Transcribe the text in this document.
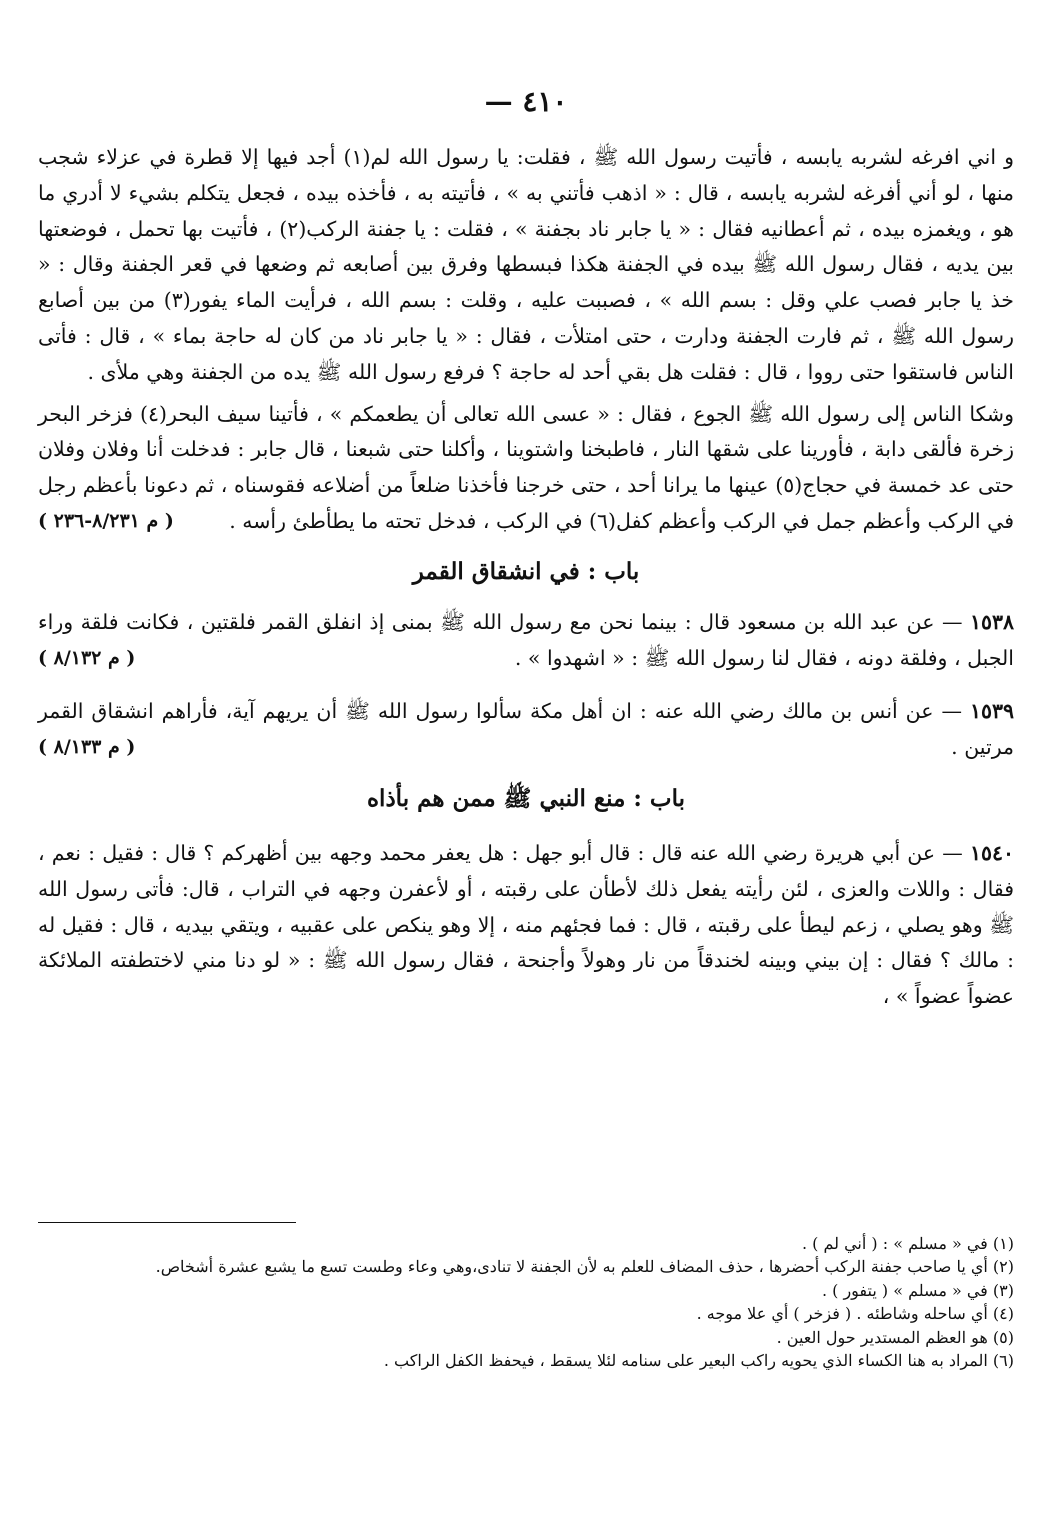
٤١٠ —

و اني افرغه لشربه يابسه ، فأتيت رسول الله ﷺ ، فقلت: يا رسول الله لم(١) أجد فيها إلا قطرة في عزلاء شجب منها ، لو أني أفرغه لشربه يابسه ، قال : « اذهب فأتني به » ، فأتيته به ، فأخذه بيده ، فجعل يتكلم بشيء لا أدري ما هو ، ويغمزه بيده ، ثم أعطانيه فقال : « يا جابر ناد بجفنة » ، فقلت : يا جفنة الركب(٢) ، فأتيت بها تحمل ، فوضعتها بين يديه ، فقال رسول الله ﷺ بيده في الجفنة هكذا فبسطها وفرق بين أصابعه ثم وضعها في قعر الجفنة وقال : « خذ يا جابر فصب علي وقل : بسم الله » ، فصببت عليه ، وقلت : بسم الله ، فرأيت الماء يفور(٣) من بين أصابع رسول الله ﷺ ، ثم فارت الجفنة ودارت ، حتى امتلأت ، فقال : « يا جابر ناد من كان له حاجة بماء » ، قال : فأتى الناس فاستقوا حتى رووا ، قال : فقلت هل بقي أحد له حاجة ؟ فرفع رسول الله ﷺ يده من الجفنة وهي ملأى .

وشكا الناس إلى رسول الله ﷺ الجوع ، فقال : « عسى الله تعالى أن يطعمكم » ، فأتينا سيف البحر(٤) فزخر البحر زخرة فألقى دابة ، فأورينا على شقها النار ، فاطبخنا واشتوينا ، وأكلنا حتى شبعنا ، قال جابر : فدخلت أنا وفلان وفلان حتى عد خمسة في حجاج(٥) عينها ما يرانا أحد ، حتى خرجنا فأخذنا ضلعاً من أضلاعه فقوسناه ، ثم دعونا بأعظم رجل في الركب وأعظم جمل في الركب وأعظم كفل(٦) في الركب ، فدخل تحته ما يطأطئ رأسه .
( م ٨/٢٣١-٢٣٦ )

باب : في انشقاق القمر

١٥٣٨ — عن عبد الله بن مسعود قال : بينما نحن مع رسول الله ﷺ بمنى إذ انفلق القمر فلقتين ، فكانت فلقة وراء الجبل ، وفلقة دونه ، فقال لنا رسول الله ﷺ : « اشهدوا » .
( م ٨/١٣٢ )

١٥٣٩ — عن أنس بن مالك رضي الله عنه : ان أهل مكة سألوا رسول الله ﷺ أن يريهم آية، فأراهم انشقاق القمر مرتين .
( م ٨/١٣٣ )

باب : منع النبي ﷺ ممن هم بأذاه

١٥٤٠ — عن أبي هريرة رضي الله عنه قال : قال أبو جهل : هل يعفر محمد وجهه بين أظهركم ؟ قال : فقيل : نعم ، فقال : واللات والعزى ، لئن رأيته يفعل ذلك لأطأن على رقبته ، أو لأعفرن وجهه في التراب ، قال: فأتى رسول الله ﷺ وهو يصلي ، زعم ليطأ على رقبته ، قال : فما فجئهم منه ، إلا وهو ينكص على عقبيه ، ويتقي بيديه ، قال : فقيل له : مالك ؟ فقال : إن بيني وبينه لخندقاً من نار وهولاً وأجنحة ، فقال رسول الله ﷺ : « لو دنا مني لاختطفته الملائكة عضواً عضواً » ،

(١) في « مسلم » : ( أني لم ) .

(٢) أي يا صاحب جفنة الركب أحضرها ، حذف المضاف للعلم به لأن الجفنة لا تنادى،وهي وعاء وطست تسع ما يشبع عشرة أشخاص.

(٣) في « مسلم » ( يتفور ) .

(٤) أي ساحله وشاطئه . ( فزخر ) أي علا موجه .

(٥) هو العظم المستدير حول العين .

(٦) المراد به هنا الكساء الذي يحويه راكب البعير على سنامه لئلا يسقط ، فيحفظ الكفل الراكب .
